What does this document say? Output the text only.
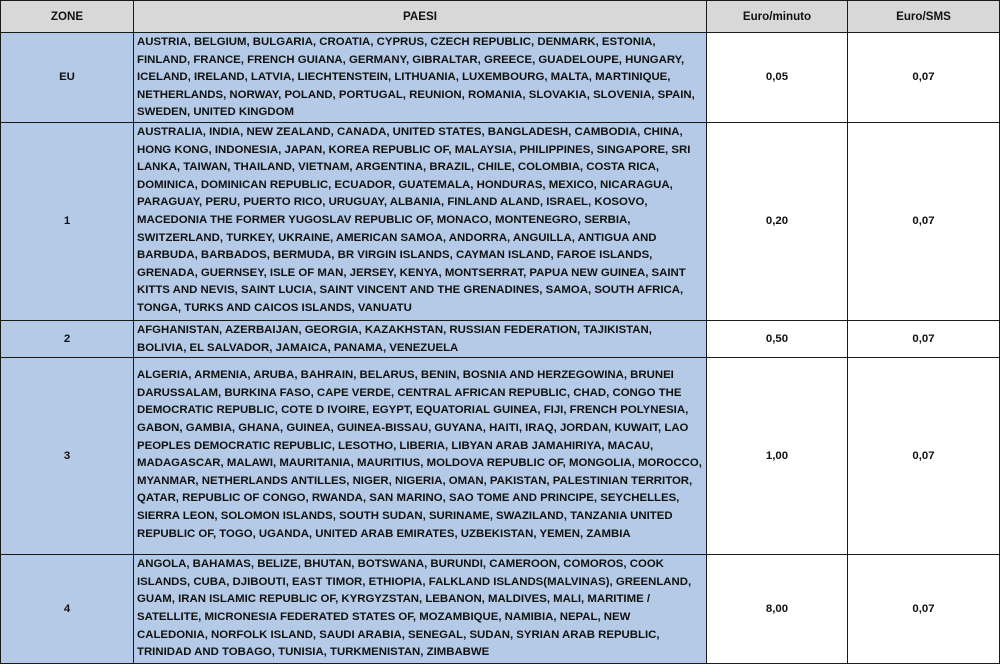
ZONE	PAESI	Euro/minuto	Euro/SMS
EU	AUSTRIA, BELGIUM, BULGARIA, CROATIA, CYPRUS, CZECH REPUBLIC, DENMARK, ESTONIA, FINLAND, FRANCE, FRENCH GUIANA, GERMANY, GIBRALTAR, GREECE, GUADELOUPE, HUNGARY, ICELAND, IRELAND, LATVIA, LIECHTENSTEIN, LITHUANIA, LUXEMBOURG, MALTA, MARTINIQUE, NETHERLANDS, NORWAY, POLAND, PORTUGAL, REUNION, ROMANIA, SLOVAKIA, SLOVENIA, SPAIN, SWEDEN, UNITED KINGDOM	0,05	0,07
1	AUSTRALIA, INDIA, NEW ZEALAND, CANADA, UNITED STATES, BANGLADESH, CAMBODIA, CHINA, HONG KONG, INDONESIA, JAPAN, KOREA REPUBLIC OF, MALAYSIA, PHILIPPINES, SINGAPORE, SRI LANKA, TAIWAN, THAILAND, VIETNAM, ARGENTINA, BRAZIL, CHILE, COLOMBIA, COSTA RICA, DOMINICA, DOMINICAN REPUBLIC, ECUADOR, GUATEMALA, HONDURAS, MEXICO, NICARAGUA, PARAGUAY, PERU, PUERTO RICO, URUGUAY, ALBANIA, FINLAND ALAND, ISRAEL, KOSOVO, MACEDONIA THE FORMER YUGOSLAV REPUBLIC OF, MONACO, MONTENEGRO, SERBIA, SWITZERLAND, TURKEY, UKRAINE, AMERICAN SAMOA, ANDORRA, ANGUILLA, ANTIGUA AND BARBUDA, BARBADOS, BERMUDA, BR VIRGIN ISLANDS, CAYMAN ISLAND, FAROE ISLANDS, GRENADA, GUERNSEY, ISLE OF MAN, JERSEY, KENYA, MONTSERRAT, PAPUA NEW GUINEA, SAINT KITTS AND NEVIS, SAINT LUCIA, SAINT VINCENT AND THE GRENADINES, SAMOA, SOUTH AFRICA, TONGA, TURKS AND CAICOS ISLANDS, VANUATU	0,20	0,07
2	AFGHANISTAN, AZERBAIJAN, GEORGIA, KAZAKHSTAN, RUSSIAN FEDERATION, TAJIKISTAN, BOLIVIA, EL SALVADOR, JAMAICA, PANAMA, VENEZUELA	0,50	0,07
3	ALGERIA, ARMENIA, ARUBA, BAHRAIN, BELARUS, BENIN, BOSNIA AND HERZEGOWINA, BRUNEI DARUSSALAM, BURKINA FASO, CAPE VERDE, CENTRAL AFRICAN REPUBLIC, CHAD, CONGO THE DEMOCRATIC REPUBLIC, COTE D IVOIRE, EGYPT, EQUATORIAL GUINEA, FIJI, FRENCH POLYNESIA, GABON, GAMBIA, GHANA, GUINEA, GUINEA-BISSAU, GUYANA, HAITI, IRAQ, JORDAN, KUWAIT, LAO PEOPLES DEMOCRATIC REPUBLIC, LESOTHO, LIBERIA, LIBYAN ARAB JAMAHIRIYA, MACAU, MADAGASCAR, MALAWI, MAURITANIA, MAURITIUS, MOLDOVA REPUBLIC OF, MONGOLIA, MOROCCO, MYANMAR, NETHERLANDS ANTILLES, NIGER, NIGERIA, OMAN, PAKISTAN, PALESTINIAN TERRITOR, QATAR, REPUBLIC OF CONGO, RWANDA, SAN MARINO, SAO TOME AND PRINCIPE, SEYCHELLES, SIERRA LEON, SOLOMON ISLANDS, SOUTH SUDAN, SURINAME, SWAZILAND, TANZANIA UNITED REPUBLIC OF, TOGO, UGANDA, UNITED ARAB EMIRATES, UZBEKISTAN, YEMEN, ZAMBIA	1,00	0,07
4	ANGOLA, BAHAMAS, BELIZE, BHUTAN, BOTSWANA, BURUNDI, CAMEROON, COMOROS, COOK ISLANDS, CUBA, DJIBOUTI, EAST TIMOR, ETHIOPIA, FALKLAND ISLANDS(MALVINAS), GREENLAND, GUAM, IRAN ISLAMIC REPUBLIC OF, KYRGYZSTAN, LEBANON, MALDIVES, MALI, MARITIME / SATELLITE, MICRONESIA FEDERATED STATES OF, MOZAMBIQUE, NAMIBIA, NEPAL, NEW CALEDONIA, NORFOLK ISLAND, SAUDI ARABIA, SENEGAL, SUDAN, SYRIAN ARAB REPUBLIC, TRINIDAD AND TOBAGO, TUNISIA, TURKMENISTAN, ZIMBABWE	8,00	0,07
